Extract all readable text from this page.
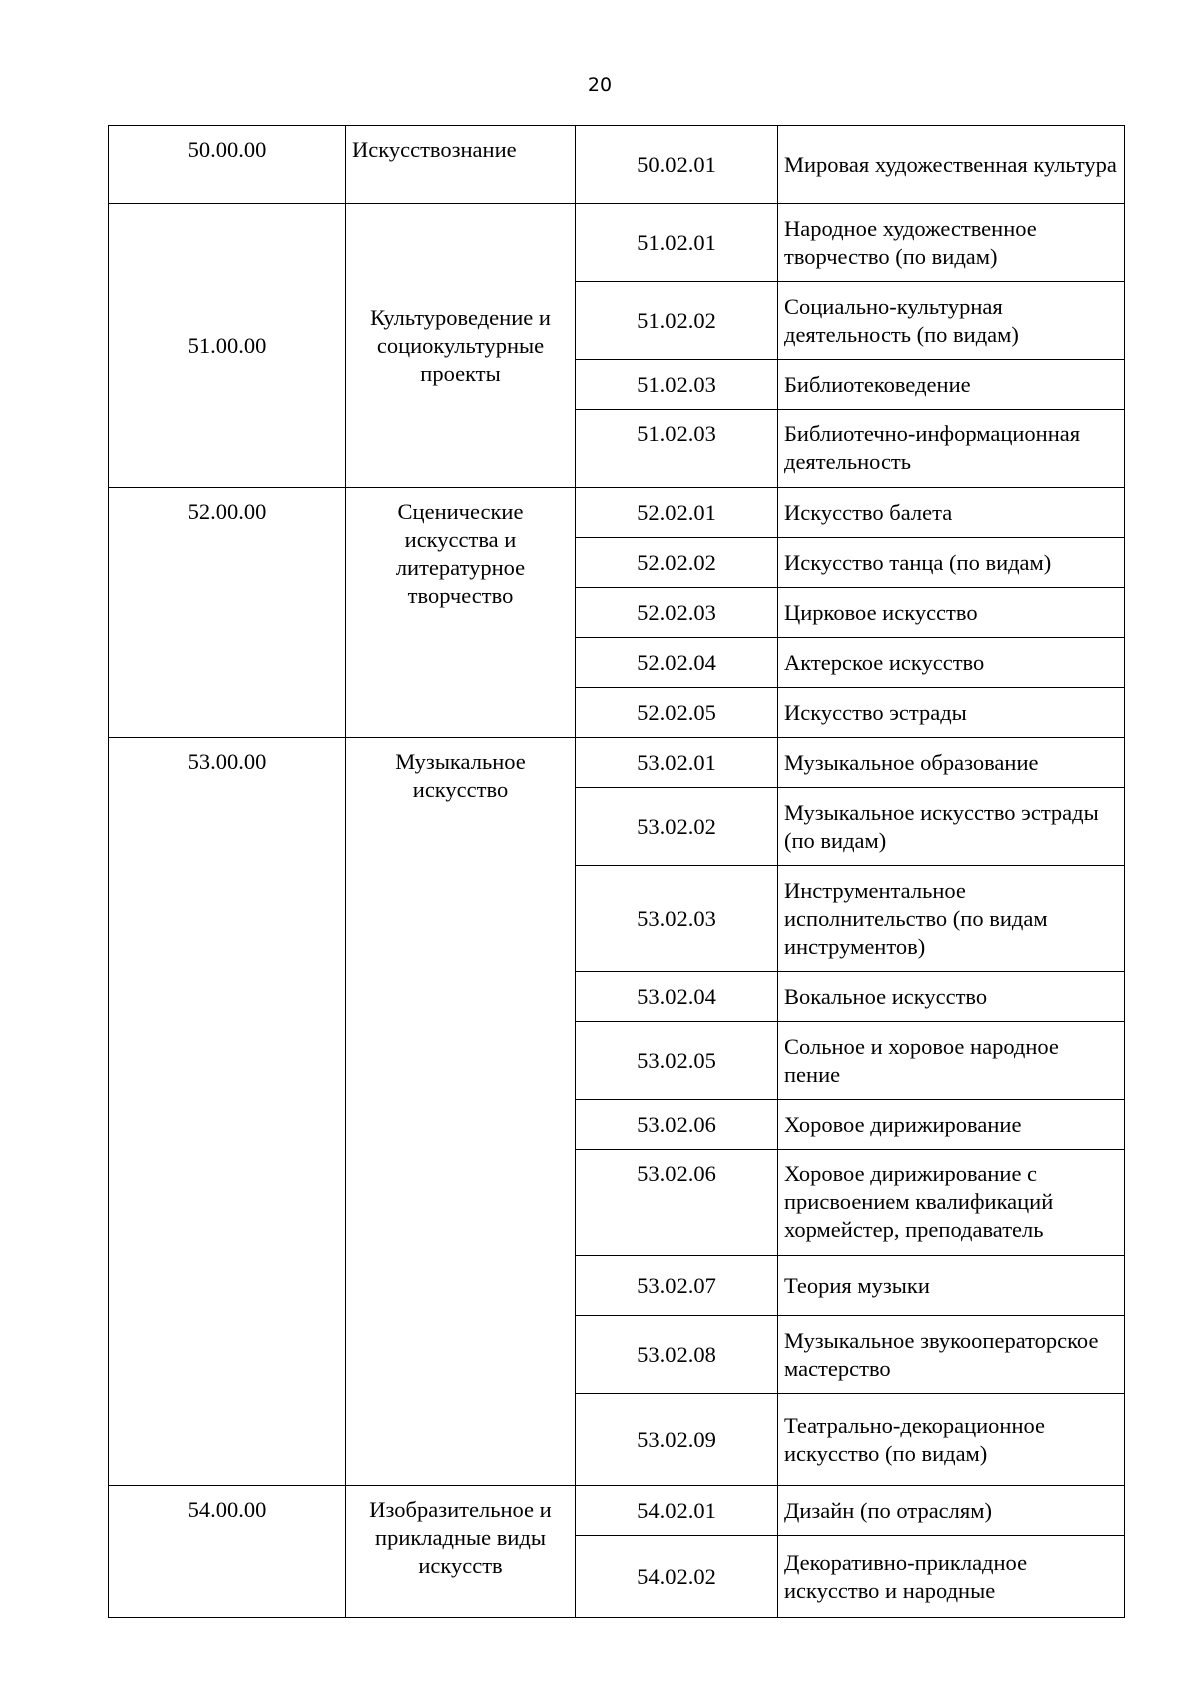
20
50.00.00	Искусствознание	50.02.01	Мировая художественная культура
51.00.00	Культуроведение и социокультурные проекты	51.02.01	Народное художественное творчество (по видам)
		51.02.02	Социально-культурная деятельность (по видам)
		51.02.03	Библиотековедение
		51.02.03	Библиотечно-информационная деятельность
52.00.00	Сценические искусства и литературное творчество	52.02.01	Искусство балета
		52.02.02	Искусство танца (по видам)
		52.02.03	Цирковое искусство
		52.02.04	Актерское искусство
		52.02.05	Искусство эстрады
53.00.00	Музыкальное искусство	53.02.01	Музыкальное образование
		53.02.02	Музыкальное искусство эстрады (по видам)
		53.02.03	Инструментальное исполнительство (по видам инструментов)
		53.02.04	Вокальное искусство
		53.02.05	Сольное и хоровое народное пение
		53.02.06	Хоровое дирижирование
		53.02.06	Хоровое дирижирование с присвоением квалификаций хормейстер, преподаватель
		53.02.07	Теория музыки
		53.02.08	Музыкальное звукооператорское мастерство
		53.02.09	Театрально-декорационное искусство (по видам)
54.00.00	Изобразительное и прикладные виды искусств	54.02.01	Дизайн (по отраслям)
		54.02.02	Декоративно-прикладное искусство и народные
